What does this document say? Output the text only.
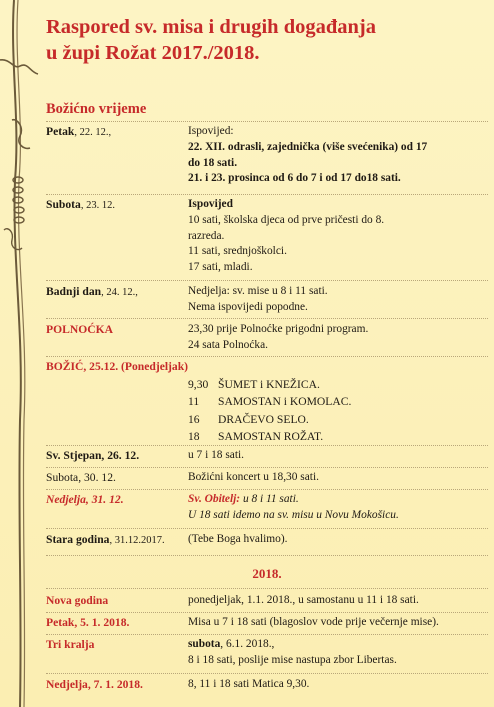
Raspored sv. misa i drugih događanja
u župi Rožat 2017./2018.
Božićno vrijeme
Petak, 22. 12.,	Ispovijed:
22. XII. odrasli, zajednička (više svećenika) od 17
do 18 sati.
21. i 23. prosinca od 6 do 7 i od 17 do18 sati.
Subota, 23. 12.	Ispovijed
10 sati, školska djeca od prve pričesti do 8.
razreda.
11 sati, srednjoškolci.
17 sati, mladi.
Badnji dan, 24. 12.,	Nedjelja: sv. mise u 8 i 11 sati.
Nema ispovijedi popodne.
POLNOĆKA	23,30 prije Polnoćke prigodni program.
24 sata Polnoćka.
BOŽIĆ, 25.12. (Ponedjeljak)
9,30 ŠUMET i KNEŽICA.
11 SAMOSTAN i KOMOLAC.
16 DRAČEVO SELO.
18 SAMOSTAN ROŽAT.
Sv. Stjepan, 26. 12.	u 7 i 18 sati.
Subota, 30. 12.	Božićni koncert u 18,30 sati.
Nedjelja, 31. 12.	Sv. Obitelj: u 8 i 11 sati.
U 18 sati idemo na sv. misu u Novu Mokošicu.
Stara godina, 31.12.2017. (Tebe Boga hvalimo).
2018.
Nova godina	ponedjeljak, 1.1. 2018., u samostanu u 11 i 18 sati.
Petak, 5. 1. 2018.	Misa u 7 i 18 sati (blagoslov vode prije večernje mise).
Tri kralja	subota, 6.1. 2018.,
8 i 18 sati, poslije mise nastupa zbor Libertas.
Nedjelja, 7. 1. 2018.	8, 11 i 18 sati Matica 9,30.
